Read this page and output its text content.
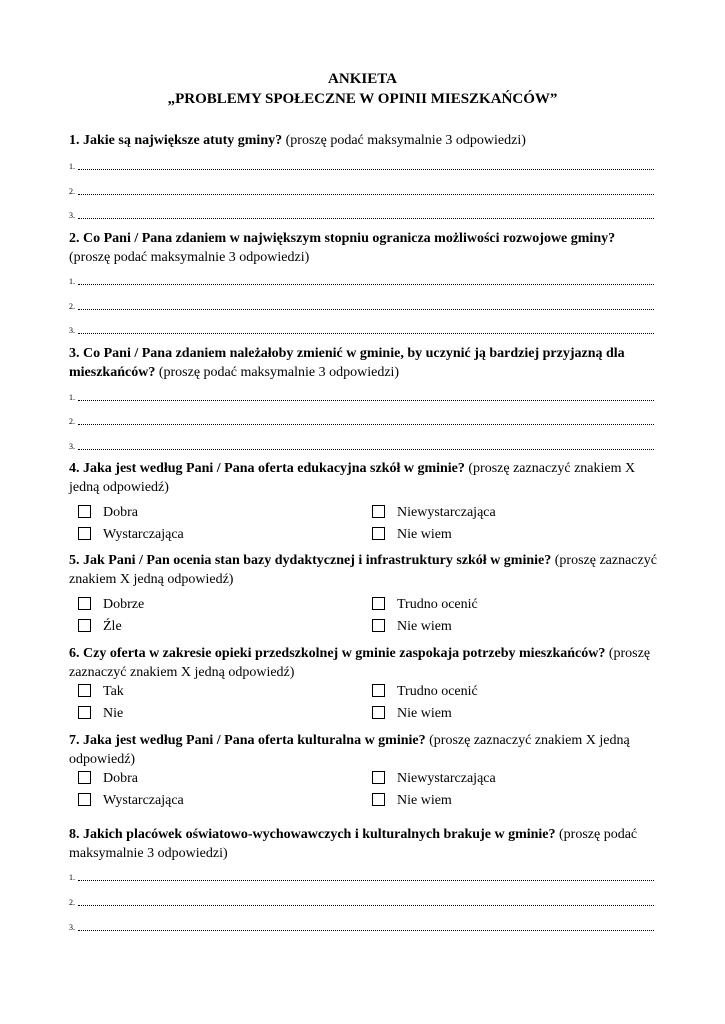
ANKIETA
„PROBLEMY SPOŁECZNE W OPINII MIESZKAŃCÓW”
1. Jakie są największe atuty gminy? (proszę podać maksymalnie 3 odpowiedzi)
1.
2.
3.
2. Co Pani / Pana zdaniem w największym stopniu ogranicza możliwości rozwojowe gminy? (proszę podać maksymalnie 3 odpowiedzi)
1.
2.
3.
3. Co Pani / Pana zdaniem należałoby zmienić w gminie, by uczynić ją bardziej przyjazną dla mieszkańców? (proszę podać maksymalnie 3 odpowiedzi)
1.
2.
3.
4. Jaka jest według Pani / Pana oferta edukacyjna szkół w gminie? (proszę zaznaczyć znakiem X jedną odpowiedź)
Dobra	Niewystarczająca
Wystarczająca	Nie wiem
5. Jak Pani / Pan ocenia stan bazy dydaktycznej i infrastruktury szkół w gminie? (proszę zaznaczyć znakiem X jedną odpowiedź)
Dobrze	Trudno ocenić
Źle	Nie wiem
6. Czy oferta w zakresie opieki przedszkolnej w gminie zaspokaja potrzeby mieszkańców? (proszę zaznaczyć znakiem X jedną odpowiedź)
Tak	Trudno ocenić
Nie	Nie wiem
7. Jaka jest według Pani / Pana oferta kulturalna w gminie? (proszę zaznaczyć znakiem X jedną odpowiedź)
Dobra	Niewystarczająca
Wystarczająca	Nie wiem
8. Jakich placówek oświatowo-wychowawczych i kulturalnych brakuje w gminie? (proszę podać maksymalnie 3 odpowiedzi)
1.
2.
3.
